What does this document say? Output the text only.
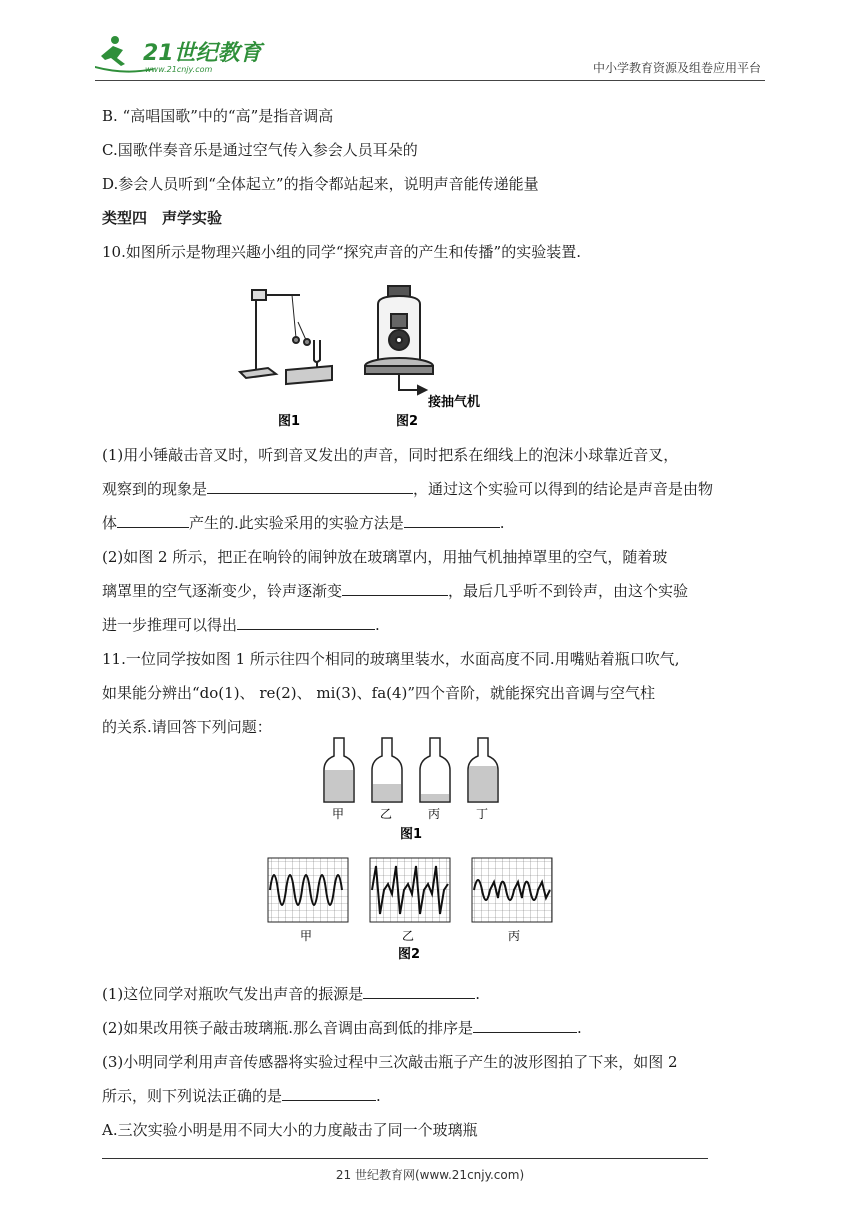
21世纪教育
www.21cnjy.com	中小学教育资源及组卷应用平台
B. “高唱国歌”中的“高”是指音调高
C.国歌伴奏音乐是通过空气传入参会人员耳朵的
D.参会人员听到“全体起立”的指令都站起来，说明声音能传递能量
类型四　声学实验
10.如图所示是物理兴趣小组的同学“探究声音的产生和传播”的实验装置.
图1
接抽气机
图2
(1)用小锤敲击音叉时，听到音叉发出的声音，同时把系在细线上的泡沫小球靠近音叉，
观察到的现象是	，通过这个实验可以得到的结论是声音是由物
体	产生的.此实验采用的实验方法是	.
(2)如图 2 所示，把正在响铃的闹钟放在玻璃罩内，用抽气机抽掉罩里的空气，随着玻
璃罩里的空气逐渐变少，铃声逐渐变	，最后几乎听不到铃声，由这个实验
进一步推理可以得出	.
11.一位同学按如图 1 所示往四个相同的玻璃里装水，水面高度不同.用嘴贴着瓶口吹气,
如果能分辨出“do(1)、 re(2)、 mi(3)、fa(4)”四个音阶，就能探究出音调与空气柱
的关系.请回答下列问题：
甲	乙	丙	丁
图1
甲	乙	丙
图2
(1)这位同学对瓶吹气发出声音的振源是	.
(2)如果改用筷子敲击玻璃瓶.那么音调由高到低的排序是	.
(3)小明同学利用声音传感器将实验过程中三次敲击瓶子产生的波形图拍了下来，如图 2
所示，则下列说法正确的是	.
A.三次实验小明是用不同大小的力度敲击了同一个玻璃瓶
21 世纪教育网(www.21cnjy.com)
